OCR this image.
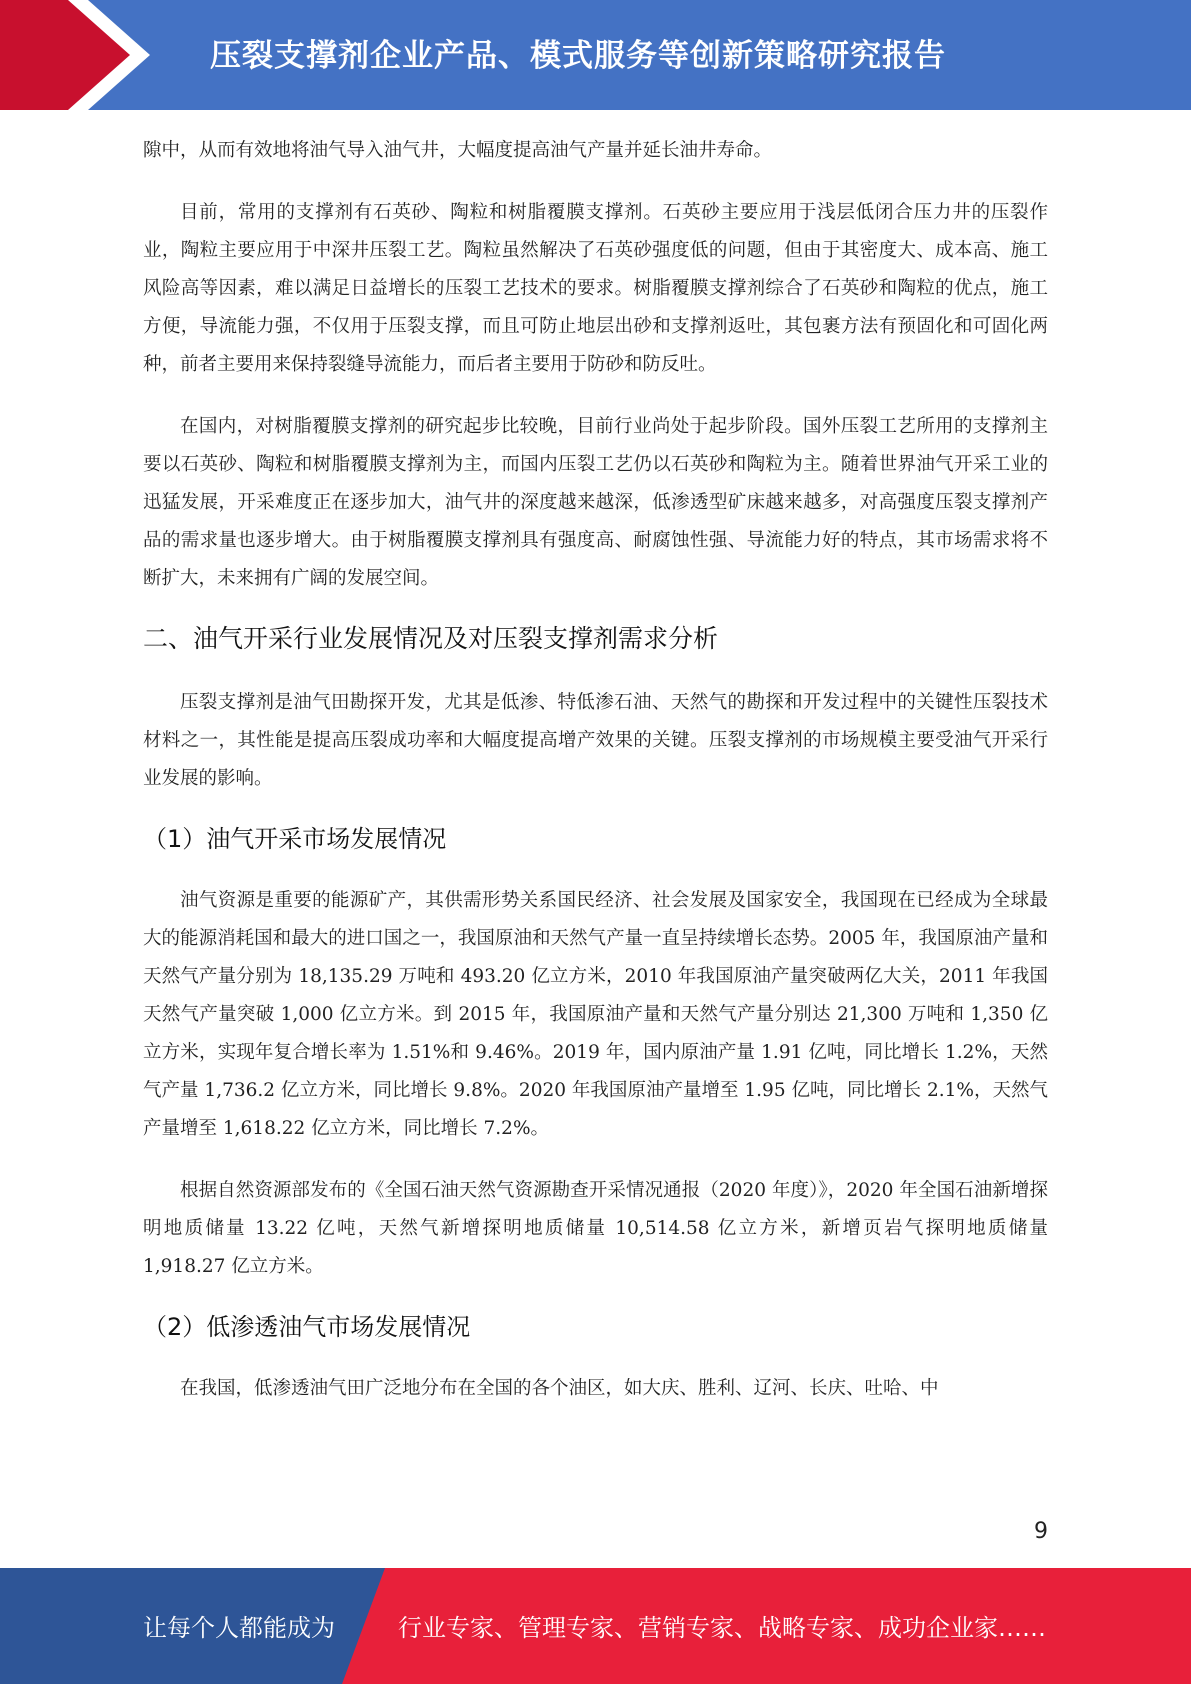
压裂支撑剂企业产品、模式服务等创新策略研究报告

隙中，从而有效地将油气导入油气井，大幅度提高油气产量并延长油井寿命。

目前，常用的支撑剂有石英砂、陶粒和树脂覆膜支撑剂。石英砂主要应用于浅层低闭合压力井的压裂作业，陶粒主要应用于中深井压裂工艺。陶粒虽然解决了石英砂强度低的问题，但由于其密度大、成本高、施工风险高等因素，难以满足日益增长的压裂工艺技术的要求。树脂覆膜支撑剂综合了石英砂和陶粒的优点，施工方便，导流能力强，不仅用于压裂支撑，而且可防止地层出砂和支撑剂返吐，其包裹方法有预固化和可固化两种，前者主要用来保持裂缝导流能力，而后者主要用于防砂和防反吐。

在国内，对树脂覆膜支撑剂的研究起步比较晚，目前行业尚处于起步阶段。国外压裂工艺所用的支撑剂主要以石英砂、陶粒和树脂覆膜支撑剂为主，而国内压裂工艺仍以石英砂和陶粒为主。随着世界油气开采工业的迅猛发展，开采难度正在逐步加大，油气井的深度越来越深，低渗透型矿床越来越多，对高强度压裂支撑剂产品的需求量也逐步增大。由于树脂覆膜支撑剂具有强度高、耐腐蚀性强、导流能力好的特点，其市场需求将不断扩大，未来拥有广阔的发展空间。

二、油气开采行业发展情况及对压裂支撑剂需求分析

压裂支撑剂是油气田勘探开发，尤其是低渗、特低渗石油、天然气的勘探和开发过程中的关键性压裂技术材料之一，其性能是提高压裂成功率和大幅度提高增产效果的关键。压裂支撑剂的市场规模主要受油气开采行业发展的影响。

（1）油气开采市场发展情况

油气资源是重要的能源矿产，其供需形势关系国民经济、社会发展及国家安全，我国现在已经成为全球最大的能源消耗国和最大的进口国之一，我国原油和天然气产量一直呈持续增长态势。2005 年，我国原油产量和天然气产量分别为 18,135.29 万吨和 493.20 亿立方米，2010 年我国原油产量突破两亿大关，2011 年我国天然气产量突破 1,000 亿立方米。到 2015 年，我国原油产量和天然气产量分别达 21,300 万吨和 1,350 亿立方米，实现年复合增长率为 1.51%和 9.46%。2019 年，国内原油产量 1.91 亿吨，同比增长 1.2%，天然气产量 1,736.2 亿立方米，同比增长 9.8%。2020 年我国原油产量增至 1.95 亿吨，同比增长 2.1%，天然气产量增至 1,618.22 亿立方米，同比增长 7.2%。

根据自然资源部发布的《全国石油天然气资源勘查开采情况通报（2020 年度）》，2020 年全国石油新增探明地质储量 13.22 亿吨，天然气新增探明地质储量 10,514.58 亿立方米，新增页岩气探明地质储量 1,918.27 亿立方米。

（2）低渗透油气市场发展情况

在我国，低渗透油气田广泛地分布在全国的各个油区，如大庆、胜利、辽河、长庆、吐哈、中

9
让每个人都能成为	行业专家、管理专家、营销专家、战略专家、成功企业家……
